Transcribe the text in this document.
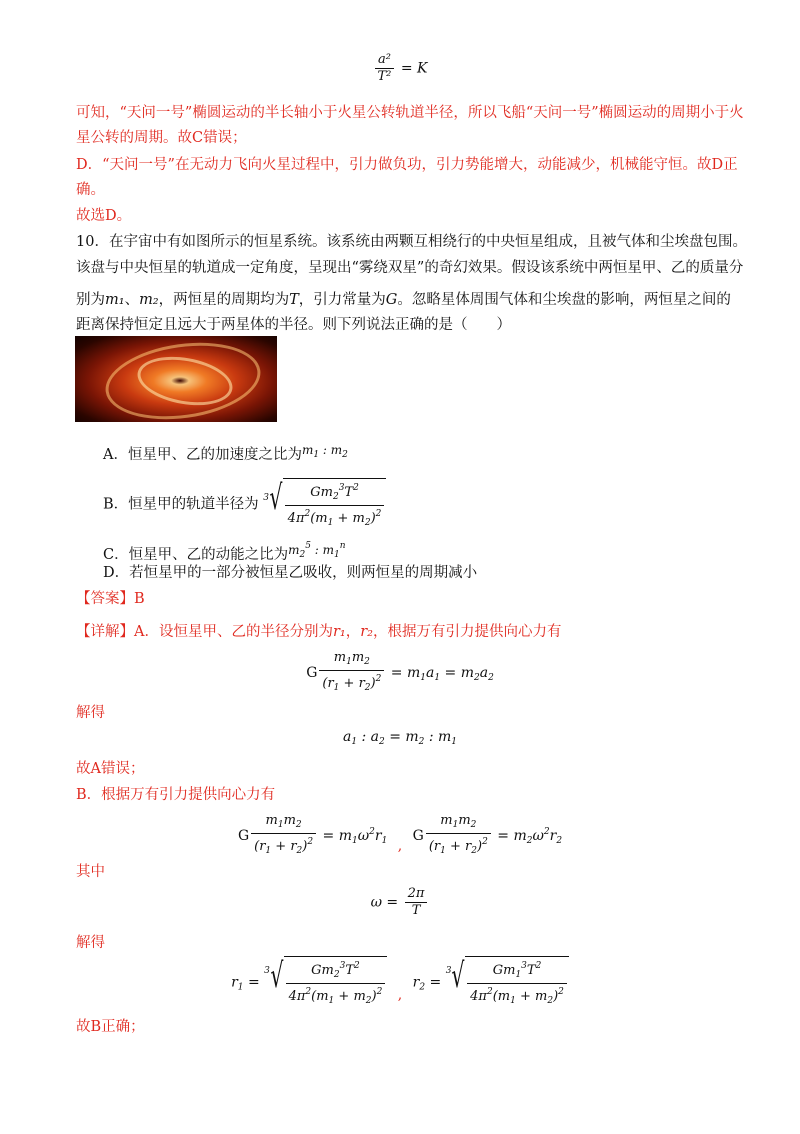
$\frac{\text{a²}}{\text{T²}} = K$
可知，“天问一号”椭圆运动的半长轴小于火星公转轨道半径，所以飞船“天问一号”椭圆运动的周期小于火
星公转的周期。故C错误；
D．“天问一号”在无动力飞向火星过程中，引力做负功，引力势能增大，动能减少，机械能守恒。故D正
确。
故选D。
10．在宇宙中有如图所示的恒星系统。该系统由两颗互相绕行的中央恒星组成，且被气体和尘埃盘包围。
该盘与中央恒星的轨道成一定角度，呈现出“雾绕双星”的奇幻效果。假设该系统中两恒星甲、乙的质量分
别为m₁、m₂，两恒星的周期均为T，引力常量为G。忽略星体周围气体和尘埃盘的影响，两恒星之间的
距离保持恒定且远大于两星体的半径。则下列说法正确的是（　　）
A．恒星甲、乙的加速度之比为$^{m_1 : m_2}$
B．恒星甲的轨道半径为 3 √ $\frac{Gm_2^3T^2}{4\pi^2(m_1 + m_2)^2}$
C．恒星甲、乙的动能之比为$^{m_2^5 : m_1^n}$
D．若恒星甲的一部分被恒星乙吸收，则两恒星的周期减小
【答案】B
【详解】A．设恒星甲、乙的半径分别为r₁，r₂，根据万有引力提供向心力有
G $\frac{m_1m_2}{(r_1 + r_2)^2} = m_1a_1 = m_2a_2$
解得
$a_1$ : $a_2 = m_2$ : $m_1$
故A错误；
B．根据万有引力提供向心力有
G $\frac{m_1m_2}{(r_1 + r_2)^2} = m_1\omega^2r_1$ , G $\frac{m_1m_2}{(r_1 + r_2)^2} = m_2\omega^2r_2$
其中
$\omega = \frac{2\pi}{T}$
解得
$r_1$ =
3 √ $\frac{Gm_2^3T^2}{4\pi^2(m_1 + m_2)^2}$ , $r_2$ =
3 √ $\frac{Gm_1^3T^2}{4\pi^2(m_1 + m_2)^2}$
故B正确；
